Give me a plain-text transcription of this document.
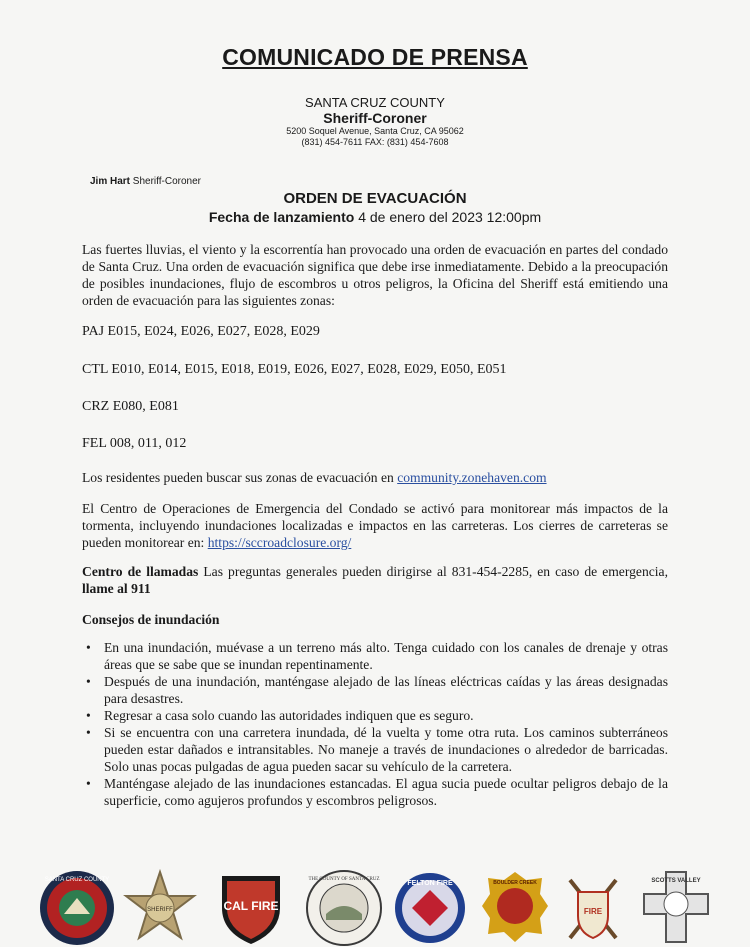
COMUNICADO DE PRENSA
SANTA CRUZ COUNTY
Sheriff-Coroner
5200 Soquel Avenue, Santa Cruz, CA 95062
(831) 454-7611 FAX: (831) 454-7608
Jim Hart Sheriff-Coroner
ORDEN DE EVACUACIÓN
Fecha de lanzamiento 4 de enero del 2023 12:00pm
Las fuertes lluvias, el viento y la escorrentía han provocado una orden de evacuación en partes del condado de Santa Cruz. Una orden de evacuación significa que debe irse inmediatamente. Debido a la preocupación de posibles inundaciones, flujo de escombros u otros peligros, la Oficina del Sheriff está emitiendo una orden de evacuación para las siguientes zonas:
PAJ E015, E024, E026, E027, E028, E029
CTL E010, E014, E015, E018, E019, E026, E027, E028, E029, E050, E051
CRZ E080, E081
FEL 008, 011, 012
Los residentes pueden buscar sus zonas de evacuación en community.zonehaven.com
El Centro de Operaciones de Emergencia del Condado se activó para monitorear más impactos de la tormenta, incluyendo inundaciones localizadas e impactos en las carreteras. Los cierres de carreteras se pueden monitorear en: https://sccroadclosure.org/
Centro de llamadas Las preguntas generales pueden dirigirse al 831-454-2285, en caso de emergencia, llame al 911
Consejos de inundación
• En una inundación, muévase a un terreno más alto. Tenga cuidado con los canales de drenaje y otras áreas que se sabe que se inundan repentinamente.
• Después de una inundación, manténgase alejado de las líneas eléctricas caídas y las áreas designadas para desastres.
• Regresar a casa solo cuando las autoridades indiquen que es seguro.
• Si se encuentra con una carretera inundada, dé la vuelta y tome otra ruta. Los caminos subterráneos pueden estar dañados e intransitables. No maneje a través de inundaciones o alrededor de barricadas. Solo unas pocas pulgadas de agua pueden sacar su vehículo de la carretera.
• Manténgase alejado de las inundaciones estancadas. El agua sucia puede ocultar peligros debajo de la superficie, como agujeros profundos y escombros peligrosos.
SANTA CRUZ COUNTY
SHERIFF	CAL FIRE
THE COUNTY OF SANTA CRUZ
FELTON FIRE	BOULDER CREEK
FIRE
SCOTTS VALLEY
